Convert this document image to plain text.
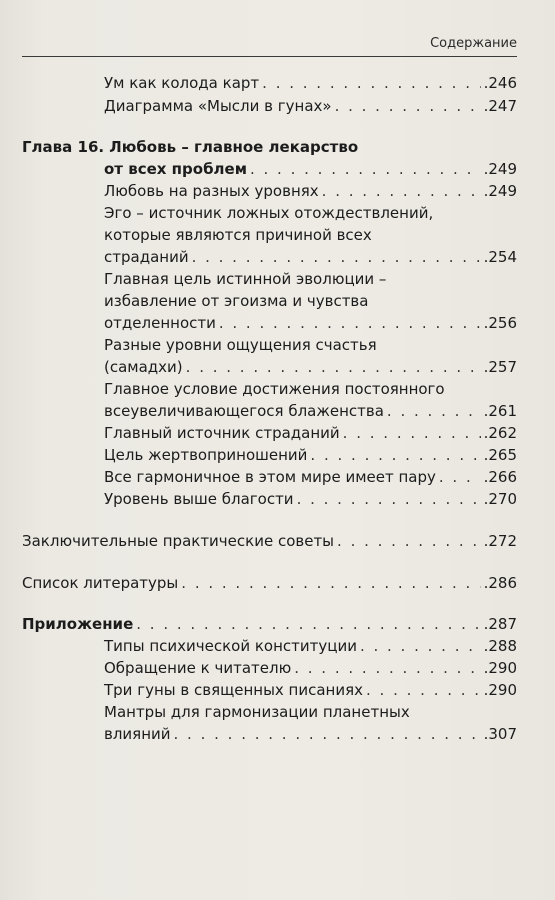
Содержание
Ум как колода карт . . .	.246
Диаграмма «Мысли в гунах» . . .	.247
Глава 16. Любовь – главное лекарство
от всех проблем . . .	.249
Любовь на разных уровнях . . .	.249
Эго – источник ложных отождествлений,
которые являются причиной всех
страданий . . .	.254
Главная цель истинной эволюции –
избавление от эгоизма и чувства
отделенности . . .	.256
Разные уровни ощущения счастья
(самадхи) . . .	.257
Главное условие достижения постоянного
всеувеличивающегося блаженства . . .	.261
Главный источник страданий . . .	.262
Цель жертвоприношений . . .	.265
Все гармоничное в этом мире имеет пару . . .	.266
Уровень выше благости . . .	.270
Заключительные практические советы . . .	.272
Список литературы . . .	.286
Приложение . . .	.287
Типы психической конституции . . .	.288
Обращение к читателю . . .	.290
Три гуны в священных писаниях . . .	.290
Мантры для гармонизации планетных
влияний . . .	.307
